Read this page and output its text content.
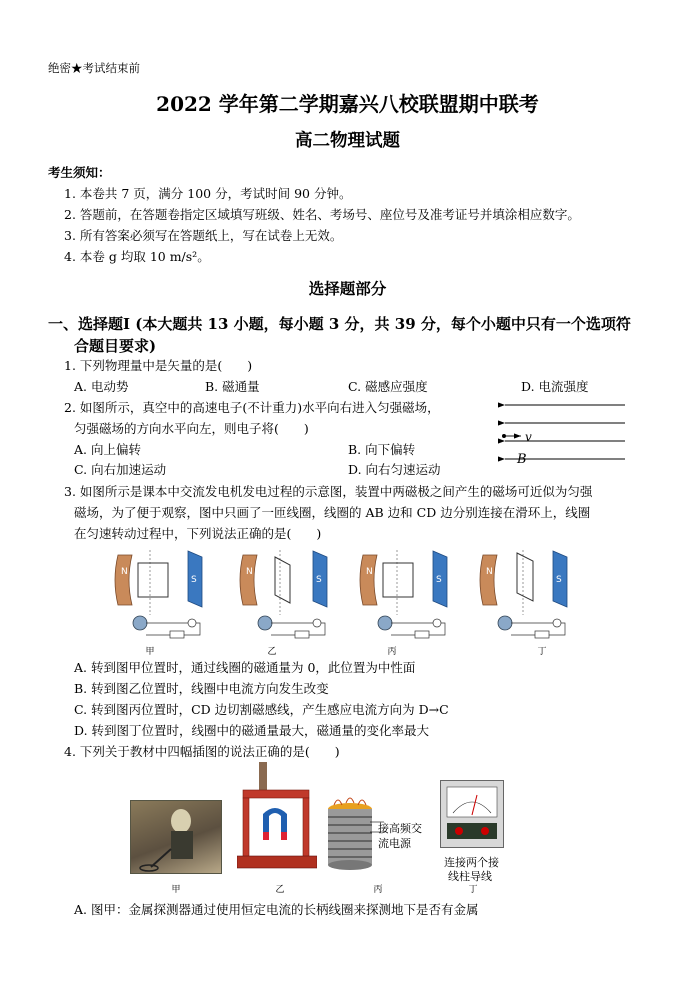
绝密★考试结束前
2022 学年第二学期嘉兴八校联盟期中联考
高二物理试题
考生须知：
1. 本卷共 7 页，满分 100 分，考试时间 90 分钟。
2. 答题前，在答题卷指定区域填写班级、姓名、考场号、座位号及准考证号并填涂相应数字。
3. 所有答案必须写在答题纸上，写在试卷上无效。
4. 本卷 g 均取 10 m/s²。
选择题部分
一、选择题Ⅰ (本大题共 13 小题，每小题 3 分，共 39 分，每个小题中只有一个选项符
合题目要求)
1. 下列物理量中是矢量的是(　　)
A. 电动势	B. 磁通量	C. 磁感应强度	D. 电流强度
2. 如图所示，真空中的高速电子(不计重力)水平向右进入匀强磁场，
匀强磁场的方向水平向左，则电子将(　　)
A. 向上偏转	B. 向下偏转
C. 向右加速运动	D. 向右匀速运动
v
B
3. 如图所示是课本中交流发电机发电过程的示意图，装置中两磁极之间产生的磁场可近似为匀强
磁场，为了便于观察，图中只画了一匝线圈，线圈的 AB 边和 CD 边分别连接在滑环上，线圈
在匀速转动过程中，下列说法正确的是(　　)
N
S
N
S
N
S
N
S
甲	乙	丙	丁
A. 转到图甲位置时，通过线圈的磁通量为 0，此位置为中性面
B. 转到图乙位置时，线圈中电流方向发生改变
C. 转到图丙位置时，CD 边切割磁感线，产生感应电流方向为 D→C
D. 转到图丁位置时，线圈中的磁通量最大，磁通量的变化率最大
4. 下列关于教材中四幅插图的说法正确的是(　　)
接高频交
流电源
连接两个接
线柱导线
甲	乙	丙	丁
A. 图甲：金属探测器通过使用恒定电流的长柄线圈来探测地下是否有金属
